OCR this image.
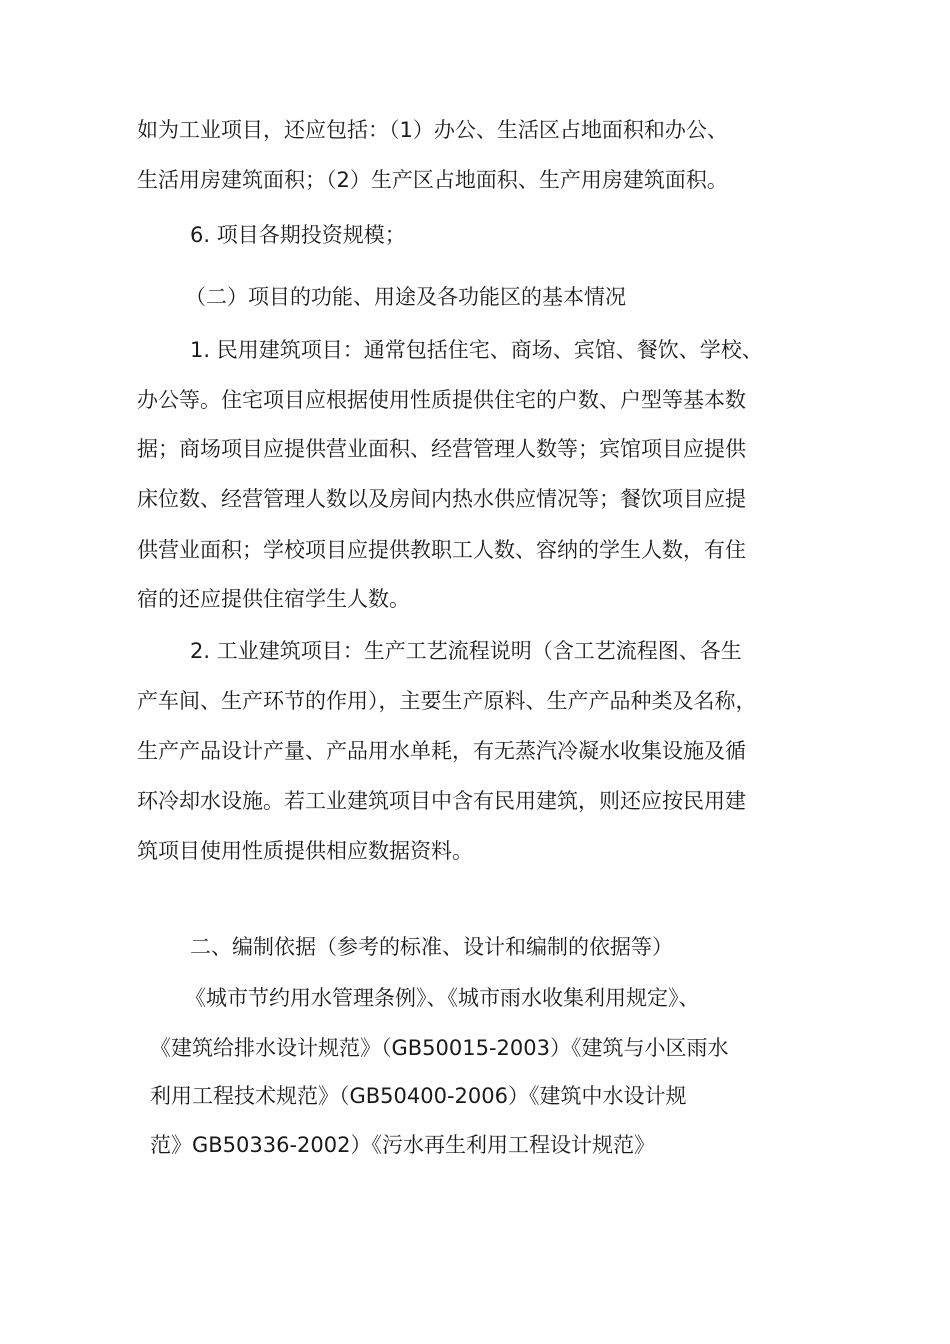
如为工业项目，还应包括：（1）办公、生活区占地面积和办公、
生活用房建筑面积；（2）生产区占地面积、生产用房建筑面积。
6. 项目各期投资规模；
（二）项目的功能、用途及各功能区的基本情况
1. 民用建筑项目：通常包括住宅、商场、宾馆、餐饮、学校、
办公等。住宅项目应根据使用性质提供住宅的户数、户型等基本数
据；商场项目应提供营业面积、经营管理人数等；宾馆项目应提供
床位数、经营管理人数以及房间内热水供应情况等；餐饮项目应提
供营业面积；学校项目应提供教职工人数、容纳的学生人数，有住
宿的还应提供住宿学生人数。
2. 工业建筑项目：生产工艺流程说明（含工艺流程图、各生
产车间、生产环节的作用），主要生产原料、生产产品种类及名称，
生产产品设计产量、产品用水单耗，有无蒸汽冷凝水收集设施及循
环冷却水设施。若工业建筑项目中含有民用建筑，则还应按民用建
筑项目使用性质提供相应数据资料。
二、编制依据（参考的标准、设计和编制的依据等）
《城市节约用水管理条例》、《城市雨水收集利用规定》、
《建筑给排水设计规范》（GB50015-2003）《建筑与小区雨水
利用工程技术规范》（GB50400-2006）《建筑中水设计规
范》GB50336-2002）《污水再生利用工程设计规范》
